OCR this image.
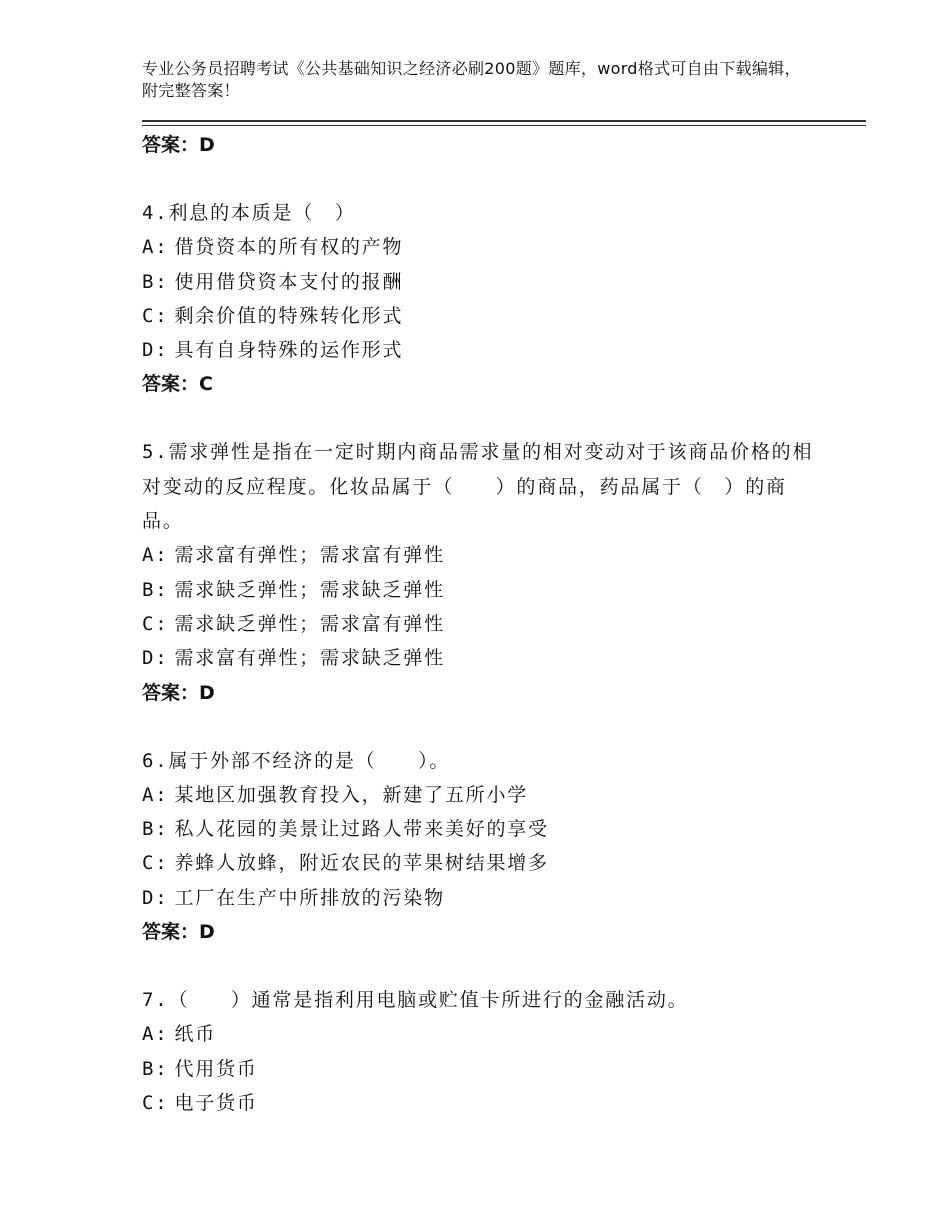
专业公务员招聘考试《公共基础知识之经济必刷200题》题库，word格式可自由下载编辑，附完整答案！
答案：D
4.利息的本质是（　）
A: 借贷资本的所有权的产物
B: 使用借贷资本支付的报酬
C: 剩余价值的特殊转化形式
D: 具有自身特殊的运作形式
答案：C
5.需求弹性是指在一定时期内商品需求量的相对变动对于该商品价格的相对变动的反应程度。化妆品属于（　　）的商品，药品属于（　）的商品。
A: 需求富有弹性；需求富有弹性
B: 需求缺乏弹性；需求缺乏弹性
C: 需求缺乏弹性；需求富有弹性
D: 需求富有弹性；需求缺乏弹性
答案：D
6.属于外部不经济的是（　　）。
A: 某地区加强教育投入，新建了五所小学
B: 私人花园的美景让过路人带来美好的享受
C: 养蜂人放蜂，附近农民的苹果树结果增多
D: 工厂在生产中所排放的污染物
答案：D
7.（　　）通常是指利用电脑或贮值卡所进行的金融活动。
A: 纸币
B: 代用货币
C: 电子货币
